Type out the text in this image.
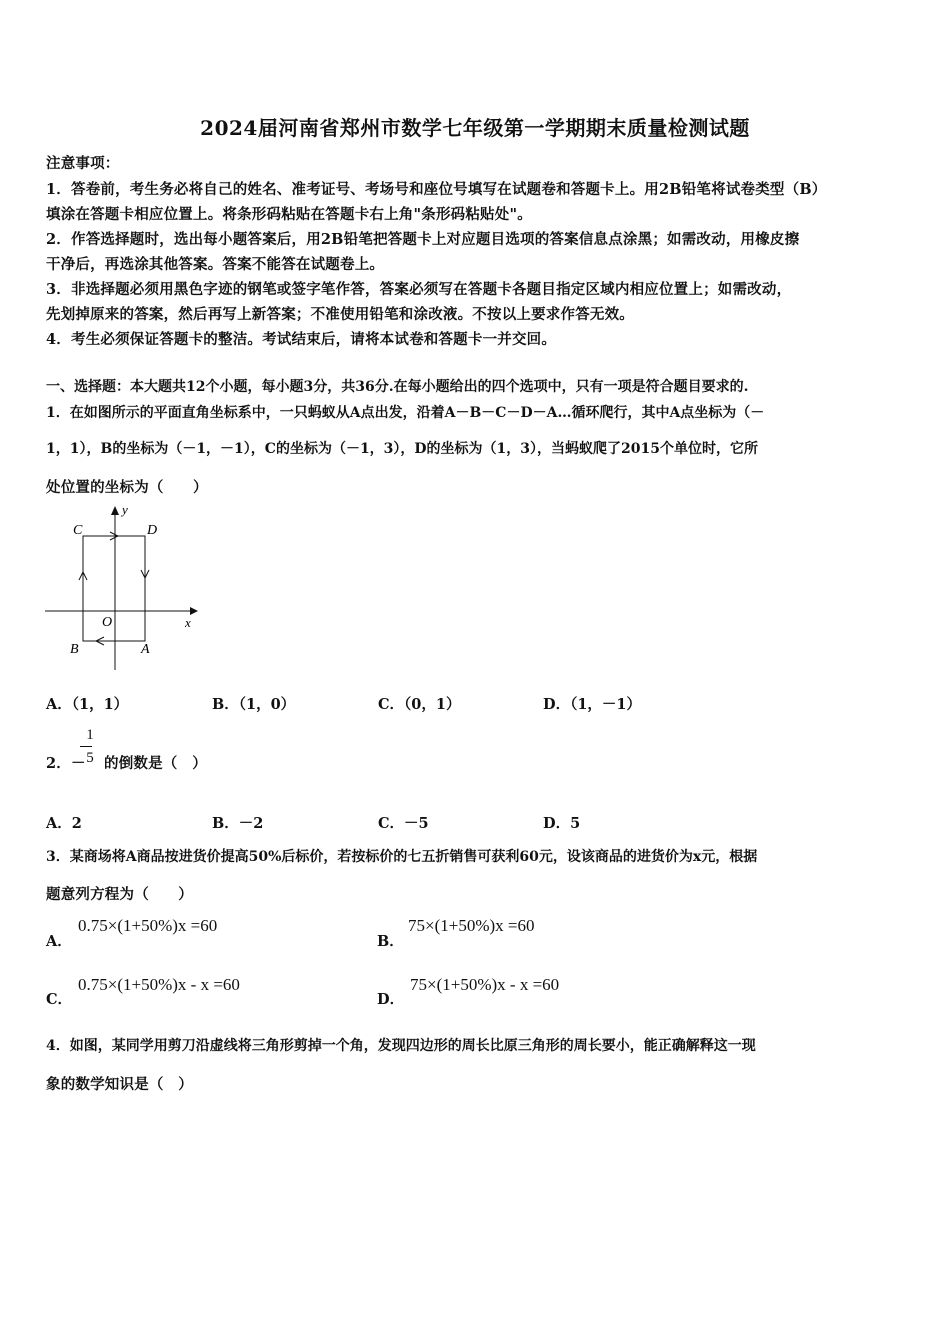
2024届河南省郑州市数学七年级第一学期期末质量检测试题
注意事项：
1．答卷前，考生务必将自己的姓名、准考证号、考场号和座位号填写在试题卷和答题卡上。用2B铅笔将试卷类型（B）
填涂在答题卡相应位置上。将条形码粘贴在答题卡右上角"条形码粘贴处"。
2．作答选择题时，选出每小题答案后，用2B铅笔把答题卡上对应题目选项的答案信息点涂黑；如需改动，用橡皮擦
干净后，再选涂其他答案。答案不能答在试题卷上。
3．非选择题必须用黑色字迹的钢笔或签字笔作答，答案必须写在答题卡各题目指定区域内相应位置上；如需改动，
先划掉原来的答案，然后再写上新答案；不准使用铅笔和涂改液。不按以上要求作答无效。
4．考生必须保证答题卡的整洁。考试结束后，请将本试卷和答题卡一并交回。
一、选择题：本大题共12个小题，每小题3分，共36分.在每小题给出的四个选项中，只有一项是符合题目要求的.
1．在如图所示的平面直角坐标系中，一只蚂蚁从A点出发，沿着A－B－C－D－A…循环爬行，其中A点坐标为（－
1，1），B的坐标为（－1，－1），C的坐标为（－1，3），D的坐标为（1，3），当蚂蚁爬了2015个单位时，它所
处位置的坐标为（　　）
C	D
B	A
O	x
y
A．（1，1）	B．（1，0）	C．（0，1）	D．（1，－1）
2．－
1
5 的倒数是（　）
A．2	B．－2	C．－5	D．5
3．某商场将A商品按进货价提高50%后标价，若按标价的七五折销售可获利60元，设该商品的进货价为x元，根据
题意列方程为（　　）
A．
0.75×(1+50%)x =60
B．
75×(1+50%)x =60
C．
0.75×(1+50%)x - x =60
D．
75×(1+50%)x - x =60
4．如图，某同学用剪刀沿虚线将三角形剪掉一个角，发现四边形的周长比原三角形的周长要小，能正确解释这一现
象的数学知识是（　）
